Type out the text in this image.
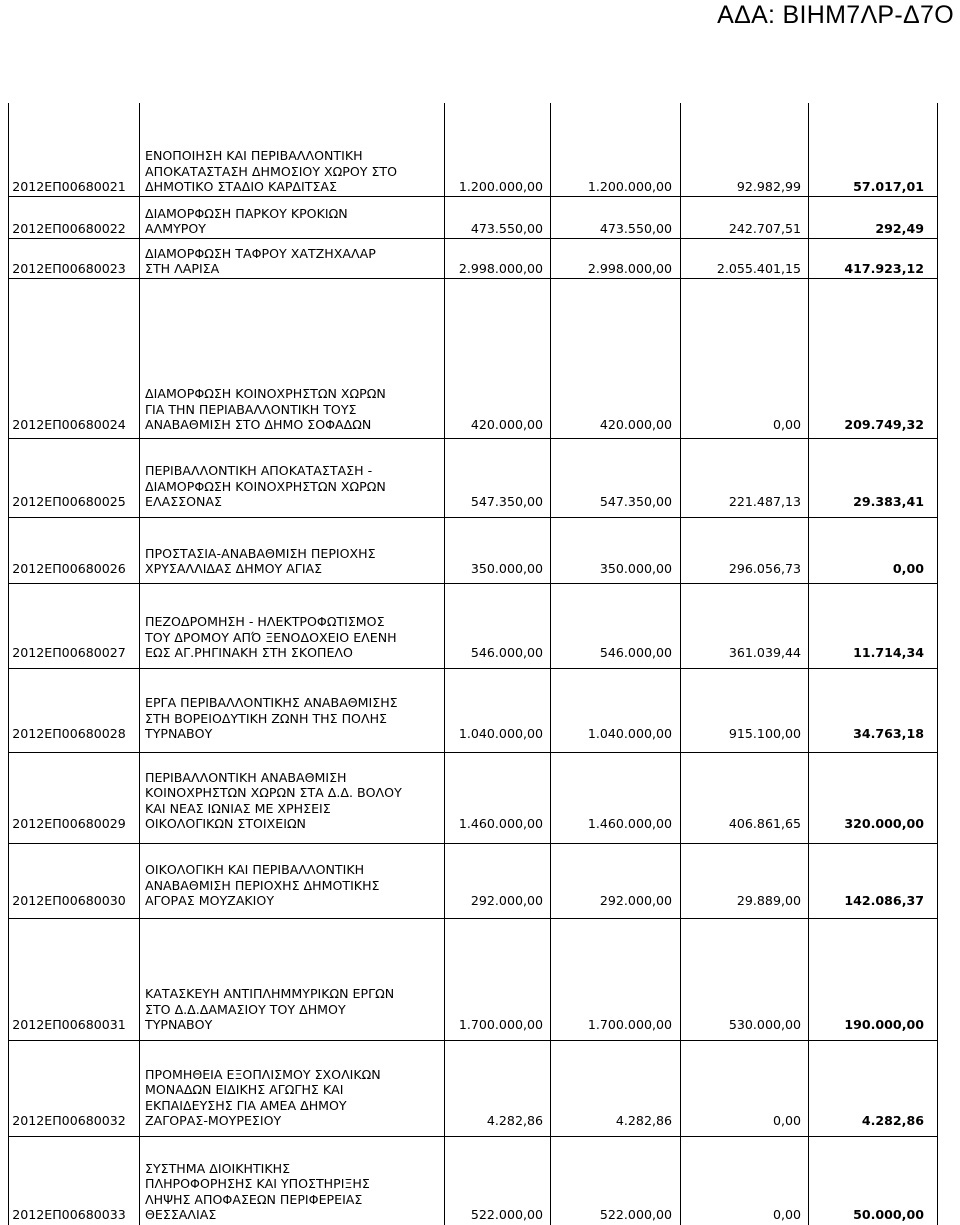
ΑΔΑ: ΒΙΗΜ7ΛΡ-Δ7Ο
2012ΕΠ00680021
ΕΝΟΠΟΙΗΣΗ ΚΑΙ ΠΕΡΙΒΑΛΛΟΝΤΙΚΗ
ΑΠΟΚΑΤΑΣΤΑΣΗ ΔΗΜΟΣΙΟΥ ΧΩΡΟΥ ΣΤΟ
ΔΗΜΟΤΙΚΟ ΣΤΑΔΙΟ ΚΑΡΔΙΤΣΑΣ	1.200.000,00	1.200.000,00	92.982,99	57.017,01
2012ΕΠ00680022
ΔΙΑΜΟΡΦΩΣΗ ΠΑΡΚΟΥ ΚΡΟΚΙΩΝ
ΑΛΜΥΡΟΥ	473.550,00	473.550,00	242.707,51	292,49
2012ΕΠ00680023
ΔΙΑΜΟΡΦΩΣΗ ΤΑΦΡΟΥ ΧΑΤΖΗΧΑΛΑΡ
ΣΤΗ ΛΑΡΙΣΑ	2.998.000,00	2.998.000,00	2.055.401,15	417.923,12
2012ΕΠ00680024
ΔΙΑΜΟΡΦΩΣΗ ΚΟΙΝΟΧΡΗΣΤΩΝ ΧΩΡΩΝ
ΓΙΑ ΤΗΝ ΠΕΡΙΑΒΑΛΛΟΝΤΙΚΗ ΤΟΥΣ
ΑΝΑΒΑΘΜΙΣΗ ΣΤΟ ΔΗΜΟ ΣΟΦΑΔΩΝ	420.000,00	420.000,00	0,00	209.749,32
2012ΕΠ00680025
ΠΕΡΙΒΑΛΛΟΝΤΙΚΗ ΑΠΟΚΑΤΑΣΤΑΣΗ -
ΔΙΑΜΟΡΦΩΣΗ ΚΟΙΝΟΧΡΗΣΤΩΝ ΧΩΡΩΝ
ΕΛΑΣΣΟΝΑΣ	547.350,00	547.350,00	221.487,13	29.383,41
2012ΕΠ00680026
ΠΡΟΣΤΑΣΙΑ-ΑΝΑΒΑΘΜΙΣΗ ΠΕΡΙΟΧΗΣ
ΧΡΥΣΑΛΛΙΔΑΣ ΔΗΜΟΥ ΑΓΙΑΣ	350.000,00	350.000,00	296.056,73	0,00
2012ΕΠ00680027
ΠΕΖΟΔΡΟΜΗΣΗ - ΗΛΕΚΤΡΟΦΩΤΙΣΜΟΣ
ΤΟΥ ΔΡΟΜΟΥ ΑΠΌ ΞΕΝΟΔΟΧΕΙΟ ΕΛΕΝΗ
ΕΩΣ ΑΓ.ΡΗΓΙΝΑΚΗ ΣΤΗ ΣΚΟΠΕΛΟ	546.000,00	546.000,00	361.039,44	11.714,34
2012ΕΠ00680028
ΕΡΓΑ ΠΕΡΙΒΑΛΛΟΝΤΙΚΗΣ ΑΝΑΒΑΘΜΙΣΗΣ
ΣΤΗ ΒΟΡΕΙΟΔΥΤΙΚΗ ΖΩΝΗ ΤΗΣ ΠΟΛΗΣ
ΤΥΡΝΑΒΟΥ	1.040.000,00	1.040.000,00	915.100,00	34.763,18
2012ΕΠ00680029
ΠΕΡΙΒΑΛΛΟΝΤΙΚΗ ΑΝΑΒΑΘΜΙΣΗ
ΚΟΙΝΟΧΡΗΣΤΩΝ ΧΩΡΩΝ ΣΤΑ Δ.Δ. ΒΟΛΟΥ
ΚΑΙ ΝΕΑΣ ΙΩΝΙΑΣ ΜΕ ΧΡΗΣΕΙΣ
ΟΙΚΟΛΟΓΙΚΩΝ ΣΤΟΙΧΕΙΩΝ	1.460.000,00	1.460.000,00	406.861,65	320.000,00
2012ΕΠ00680030
ΟΙΚΟΛΟΓΙΚΗ ΚΑΙ ΠΕΡΙΒΑΛΛΟΝΤΙΚΗ
ΑΝΑΒΑΘΜΙΣΗ ΠΕΡΙΟΧΗΣ ΔΗΜΟΤΙΚΗΣ
ΑΓΟΡΑΣ ΜΟΥΖΑΚΙΟΥ	292.000,00	292.000,00	29.889,00	142.086,37
2012ΕΠ00680031
ΚΑΤΑΣΚΕΥΗ ΑΝΤΙΠΛΗΜΜΥΡΙΚΩΝ ΕΡΓΩΝ
ΣΤΟ Δ.Δ.ΔΑΜΑΣΙΟΥ ΤΟΥ ΔΗΜΟΥ
ΤΥΡΝΑΒΟΥ	1.700.000,00	1.700.000,00	530.000,00	190.000,00
2012ΕΠ00680032
ΠΡΟΜΗΘΕΙΑ ΕΞΟΠΛΙΣΜΟΥ ΣΧΟΛΙΚΩΝ
ΜΟΝΑΔΩΝ ΕΙΔΙΚΗΣ ΑΓΩΓΗΣ ΚΑΙ
ΕΚΠΑΙΔΕΥΣΗΣ ΓΙΑ ΑΜΕΑ ΔΗΜΟΥ
ΖΑΓΟΡΑΣ-ΜΟΥΡΕΣΙΟΥ	4.282,86	4.282,86	0,00	4.282,86
2012ΕΠ00680033
ΣΥΣΤΗΜΑ ΔΙΟΙΚΗΤΙΚΗΣ
ΠΛΗΡΟΦΟΡΗΣΗΣ ΚΑΙ ΥΠΟΣΤΗΡΙΞΗΣ
ΛΗΨΗΣ ΑΠΟΦΑΣΕΩΝ ΠΕΡΙΦΕΡΕΙΑΣ
ΘΕΣΣΑΛΙΑΣ	522.000,00	522.000,00	0,00	50.000,00
